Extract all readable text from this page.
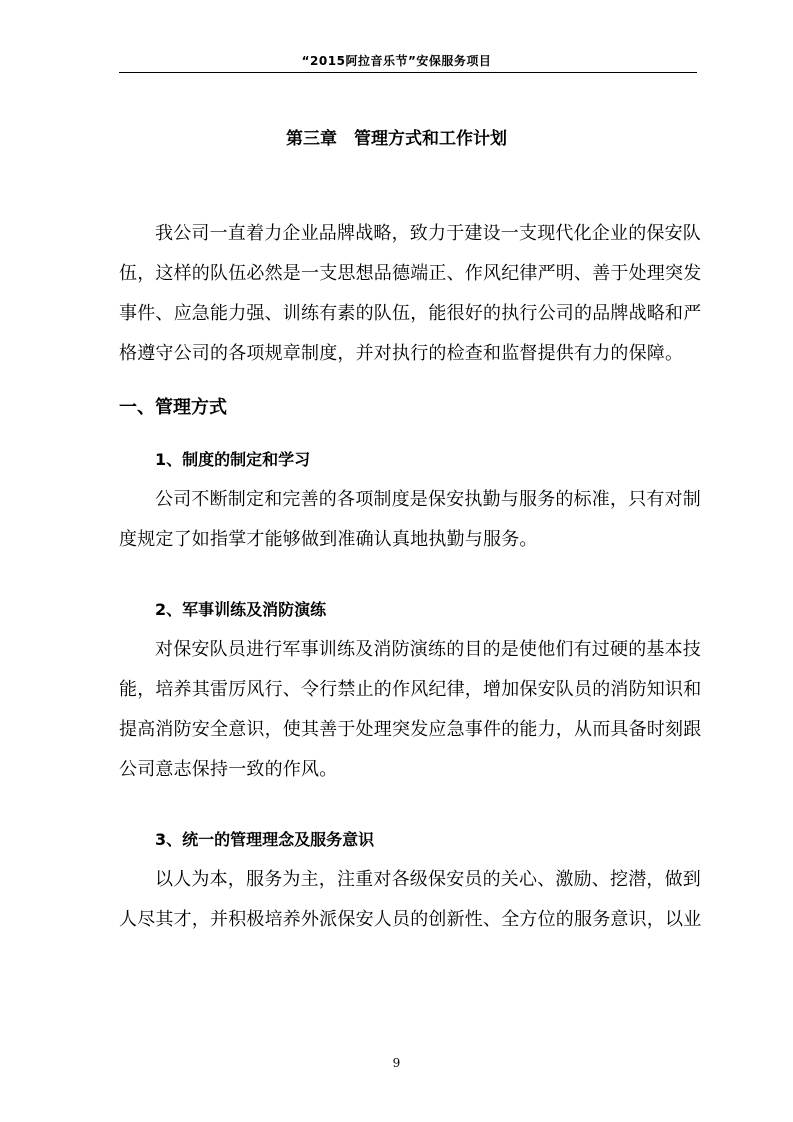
“2015阿拉音乐节”安保服务项目
第三章　管理方式和工作计划

我公司一直着力企业品牌战略，致力于建设一支现代化企业的保安队伍，这样的队伍必然是一支思想品德端正、作风纪律严明、善于处理突发事件、应急能力强、训练有素的队伍，能很好的执行公司的品牌战略和严格遵守公司的各项规章制度，并对执行的检查和监督提供有力的保障。

一、管理方式

1、制度的制定和学习

公司不断制定和完善的各项制度是保安执勤与服务的标准，只有对制度规定了如指掌才能够做到准确认真地执勤与服务。

2、军事训练及消防演练

对保安队员进行军事训练及消防演练的目的是使他们有过硬的基本技能，培养其雷厉风行、令行禁止的作风纪律，增加保安队员的消防知识和提高消防安全意识，使其善于处理突发应急事件的能力，从而具备时刻跟公司意志保持一致的作风。

3、统一的管理理念及服务意识

以人为本，服务为主，注重对各级保安员的关心、激励、挖潜，做到人尽其才，并积极培养外派保安人员的创新性、全方位的服务意识，以业

9
